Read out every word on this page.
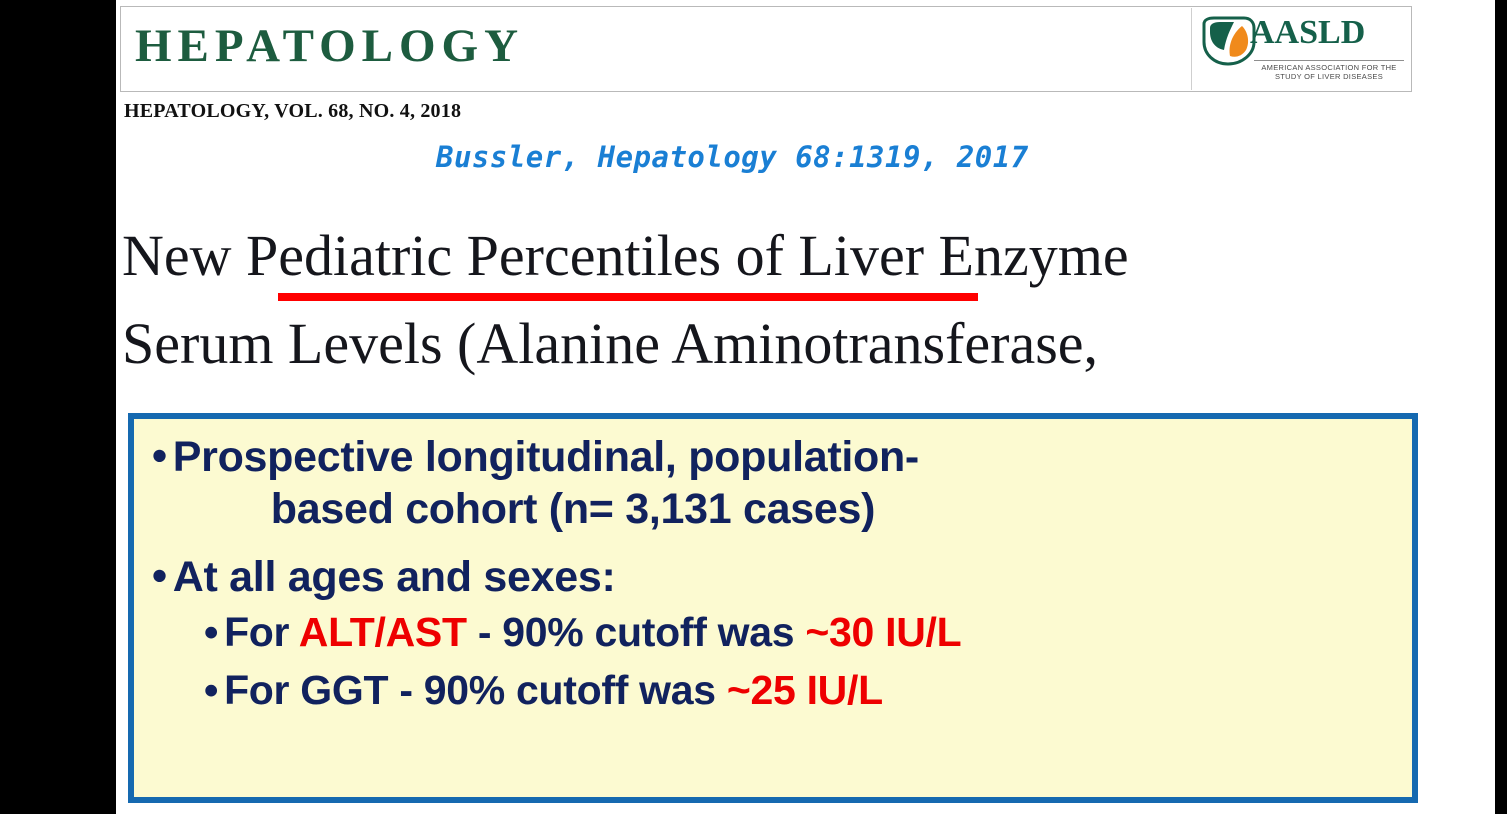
HEPATOLOGY	AASLD
AMERICAN ASSOCIATION FOR THE STUDY OF LIVER DISEASES
HEPATOLOGY, VOL. 68, NO. 4, 2018
Bussler, Hepatology 68:1319, 2017
New Pediatric Percentiles of Liver Enzyme
Serum Levels (Alanine Aminotransferase,
• Prospective longitudinal, population-
based cohort (n= 3,131 cases)
• At all ages and sexes:
• For ALT/AST - 90% cutoff was ~30 IU/L
• For GGT - 90% cutoff was ~25 IU/L
